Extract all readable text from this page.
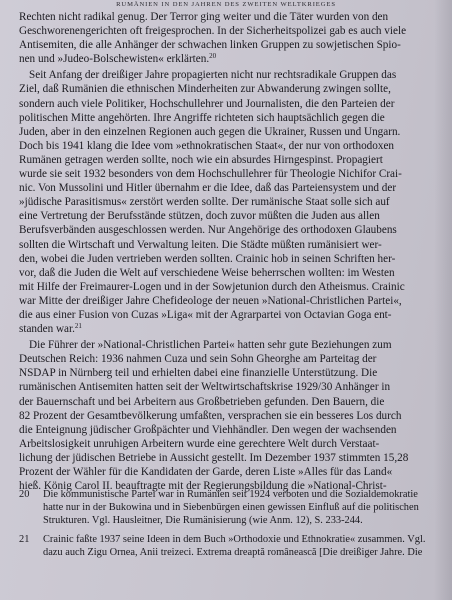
RUMÄNIEN IN DEN JAHREN DES ZWEITEN WELTKRIEGES

Rechten nicht radikal genug. Der Terror ging weiter und die Täter wurden von den
Geschworenengerichten oft freigesprochen. In der Sicherheitspolizei gab es auch viele
Antisemiten, die alle Anhänger der schwachen linken Gruppen zu sowjetischen Spio-
nen und »Judeo-Bolschewisten« erklärten.$^{20}$

Seit Anfang der dreißiger Jahre propagierten nicht nur rechtsradikale Gruppen das
Ziel, daß Rumänien die ethnischen Minderheiten zur Abwanderung zwingen sollte,
sondern auch viele Politiker, Hochschullehrer und Journalisten, die den Parteien der
politischen Mitte angehörten. Ihre Angriffe richteten sich hauptsächlich gegen die
Juden, aber in den einzelnen Regionen auch gegen die Ukrainer, Russen und Ungarn.
Doch bis 1941 klang die Idee vom »ethnokratischen Staat«, der nur von orthodoxen
Rumänen getragen werden sollte, noch wie ein absurdes Hirngespinst. Propagiert
wurde sie seit 1932 besonders von dem Hochschullehrer für Theologie Nichifor Crai-
nic. Von Mussolini und Hitler übernahm er die Idee, daß das Parteiensystem und der
»jüdische Parasitismus« zerstört werden sollte. Der rumänische Staat solle sich auf
eine Vertretung der Berufsstände stützen, doch zuvor müßten die Juden aus allen
Berufsverbänden ausgeschlossen werden. Nur Angehörige des orthodoxen Glaubens
sollten die Wirtschaft und Verwaltung leiten. Die Städte müßten rumänisiert wer-
den, wobei die Juden vertrieben werden sollten. Crainic hob in seinen Schriften her-
vor, daß die Juden die Welt auf verschiedene Weise beherrschen wollten: im Westen
mit Hilfe der Freimaurer-Logen und in der Sowjetunion durch den Atheismus. Crainic
war Mitte der dreißiger Jahre Chefideologe der neuen »National-Christlichen Partei«,
die aus einer Fusion von Cuzas »Liga« mit der Agrarpartei von Octavian Goga ent-
standen war.$^{21}$

Die Führer der »National-Christlichen Partei« hatten sehr gute Beziehungen zum
Deutschen Reich: 1936 nahmen Cuza und sein Sohn Gheorghe am Parteitag der
NSDAP in Nürnberg teil und erhielten dabei eine finanzielle Unterstützung. Die
rumänischen Antisemiten hatten seit der Weltwirtschaftskrise 1929/30 Anhänger in
der Bauernschaft und bei Arbeitern aus Großbetrieben gefunden. Den Bauern, die
82 Prozent der Gesamtbevölkerung umfaßten, versprachen sie ein besseres Los durch
die Enteignung jüdischer Großpächter und Viehhändler. Den wegen der wachsenden
Arbeitslosigkeit unruhigen Arbeitern wurde eine gerechtere Welt durch Verstaat-
lichung der jüdischen Betriebe in Aussicht gestellt. Im Dezember 1937 stimmten 15,28
Prozent der Wähler für die Kandidaten der Garde, deren Liste »Alles für das Land«
hieß. König Carol II. beauftragte mit der Regierungsbildung die »National-Christ-

20 Die kommunistische Partei war in Rumänien seit 1924 verboten und die Sozialdemokratie
hatte nur in der Bukowina und in Siebenbürgen einen gewissen Einfluß auf die politischen
Strukturen. Vgl. Hausleitner, Die Rumänisierung (wie Anm. 12), S. 233-244.
21 Crainic faßte 1937 seine Ideen in dem Buch »Orthodoxie und Ethnokratie« zusammen. Vgl.
dazu auch Zigu Ornea, Anii treizeci. Extrema dreaptă românească [Die dreißiger Jahre. Die
